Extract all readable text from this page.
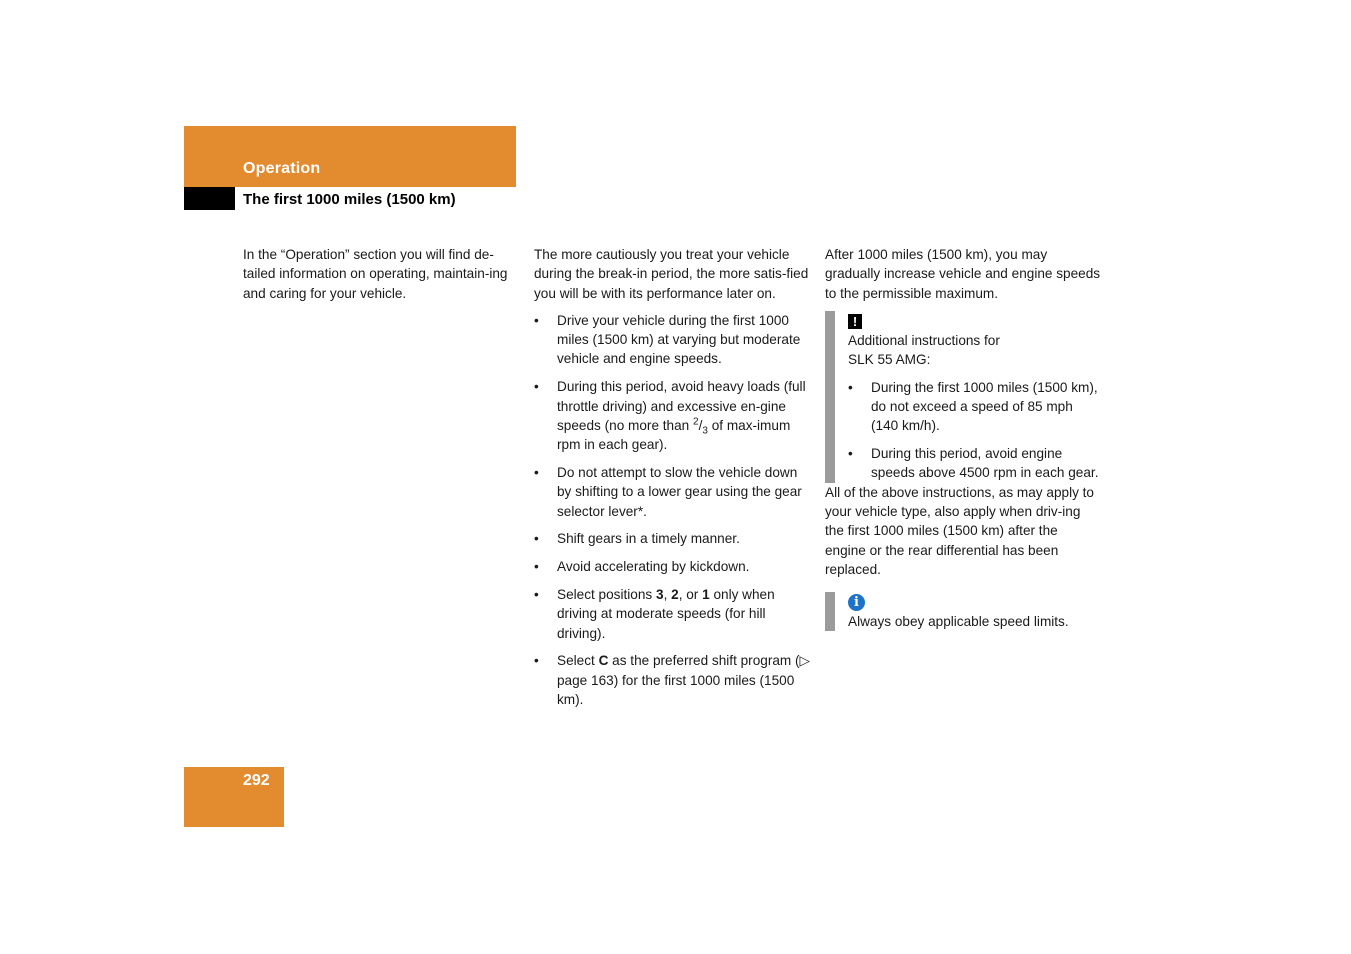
Operation
The first 1000 miles (1500 km)

In the “Operation” section you will find de-tailed information on operating, maintain-ing and caring for your vehicle.

The more cautiously you treat your vehicle during the break-in period, the more satis-fied you will be with its performance later on.

• Drive your vehicle during the first 1000 miles (1500 km) at varying but moderate vehicle and engine speeds.
• During this period, avoid heavy loads (full throttle driving) and excessive en-gine speeds (no more than $^2/_3$ of max-imum rpm in each gear).
• Do not attempt to slow the vehicle down by shifting to a lower gear using the gear selector lever*.
• Shift gears in a timely manner.
• Avoid accelerating by kickdown.
• Select positions 3, 2, or 1 only when driving at moderate speeds (for hill driving).
• Select C as the preferred shift program (▷ page 163) for the first 1000 miles (1500 km).

After 1000 miles (1500 km), you may gradually increase vehicle and engine speeds to the permissible maximum.

!

Additional instructions for SLK 55 AMG:

• During the first 1000 miles (1500 km), do not exceed a speed of 85 mph (140 km/h).
• During this period, avoid engine speeds above 4500 rpm in each gear.

All of the above instructions, as may apply to your vehicle type, also apply when driv-ing the first 1000 miles (1500 km) after the engine or the rear differential has been replaced.

i

Always obey applicable speed limits.

292
